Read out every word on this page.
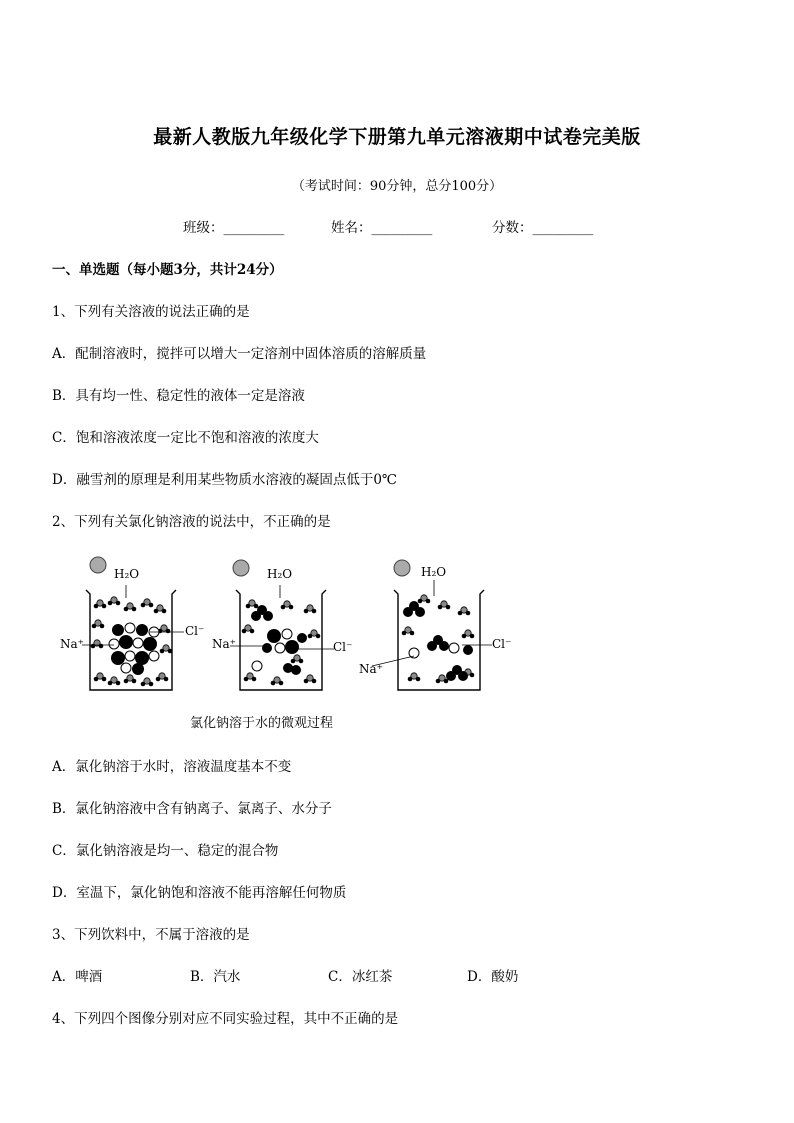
最新人教版九年级化学下册第九单元溶液期中试卷完美版
（考试时间：90分钟，总分100分）
班级：_________	姓名：_________	分数：_________
一、单选题（每小题3分，共计24分）
1、下列有关溶液的说法正确的是
A．配制溶液时，搅拌可以增大一定溶剂中固体溶质的溶解质量
B．具有均一性、稳定性的液体一定是溶液
C．饱和溶液浓度一定比不饱和溶液的浓度大
D．融雪剂的原理是利用某些物质水溶液的凝固点低于0℃
2、下列有关氯化钠溶液的说法中，不正确的是
H₂O	H₂O	H₂O
Na⁺	Na⁺
Na⁺
Cl⁻
Cl⁻	Cl⁻
氯化钠溶于水的微观过程
A．氯化钠溶于水时，溶液温度基本不变
B．氯化钠溶液中含有钠离子、氯离子、水分子
C．氯化钠溶液是均一、稳定的混合物
D．室温下，氯化钠饱和溶液不能再溶解任何物质
3、下列饮料中，不属于溶液的是
A．啤酒	B．汽水	C．冰红茶	D．酸奶
4、下列四个图像分别对应不同实验过程，其中不正确的是
